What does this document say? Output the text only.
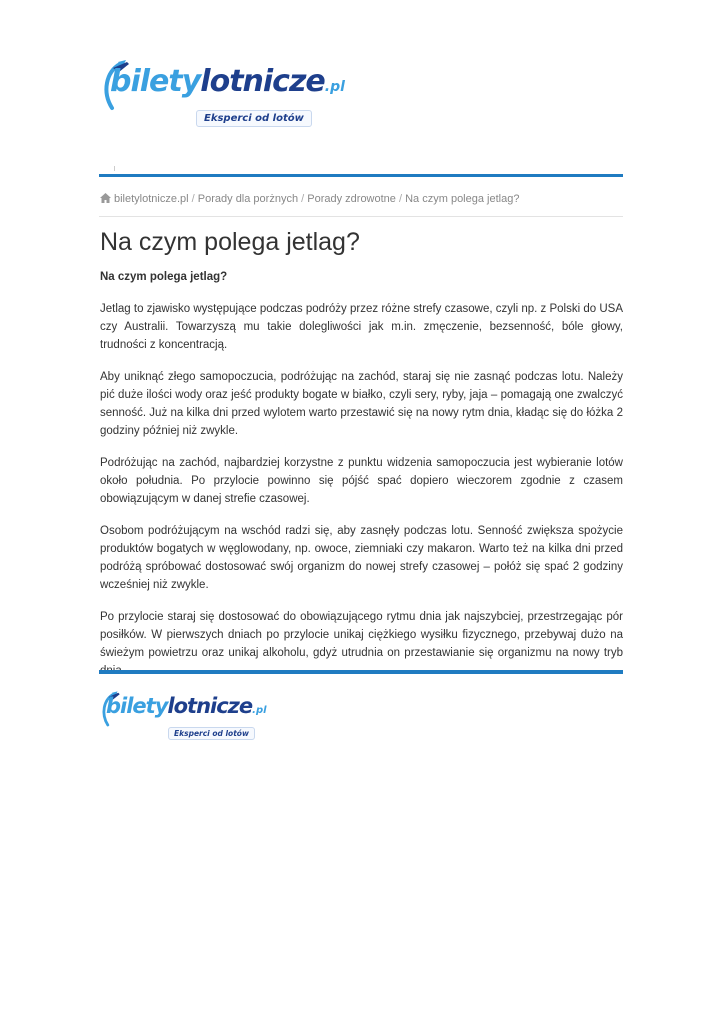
biletylotnicze.pl
Eksperci od lotów
biletylotnicze.pl / Porady dla porżnych / Porady zdrowotne / Na czym polega jetlag?
Na czym polega jetlag?
Na czym polega jetlag?

Jetlag to zjawisko występujące podczas podróży przez różne strefy czasowe, czyli np. z Polski do USA czy Australii. Towarzyszą mu takie dolegliwości jak m.in. zmęczenie, bezsenność, bóle głowy, trudności z koncentracją.

Aby uniknąć złego samopoczucia, podróżując na zachód, staraj się nie zasnąć podczas lotu. Należy pić duże ilości wody oraz jeść produkty bogate w białko, czyli sery, ryby, jaja – pomagają one zwalczyć senność. Już na kilka dni przed wylotem warto przestawić się na nowy rytm dnia, kładąc się do łóżka 2 godziny później niż zwykle.

Podróżując na zachód, najbardziej korzystne z punktu widzenia samopoczucia jest wybieranie lotów około południa. Po przylocie powinno się pójść spać dopiero wieczorem zgodnie z czasem obowiązującym w danej strefie czasowej.

Osobom podróżującym na wschód radzi się, aby zasnęły podczas lotu. Senność zwiększa spożycie produktów bogatych w węglowodany, np. owoce, ziemniaki czy makaron. Warto też na kilka dni przed podróżą spróbować dostosować swój organizm do nowej strefy czasowej – połóż się spać 2 godziny wcześniej niż zwykle.

Po przylocie staraj się dostosować do obowiązującego rytmu dnia jak najszybciej, przestrzegając pór posiłków. W pierwszych dniach po przylocie unikaj ciężkiego wysiłku fizycznego, przebywaj dużo na świeżym powietrzu oraz unikaj alkoholu, gdyż utrudnia on przestawianie się organizmu na nowy tryb

biletylotnicze.pl
Eksperci od lotów
